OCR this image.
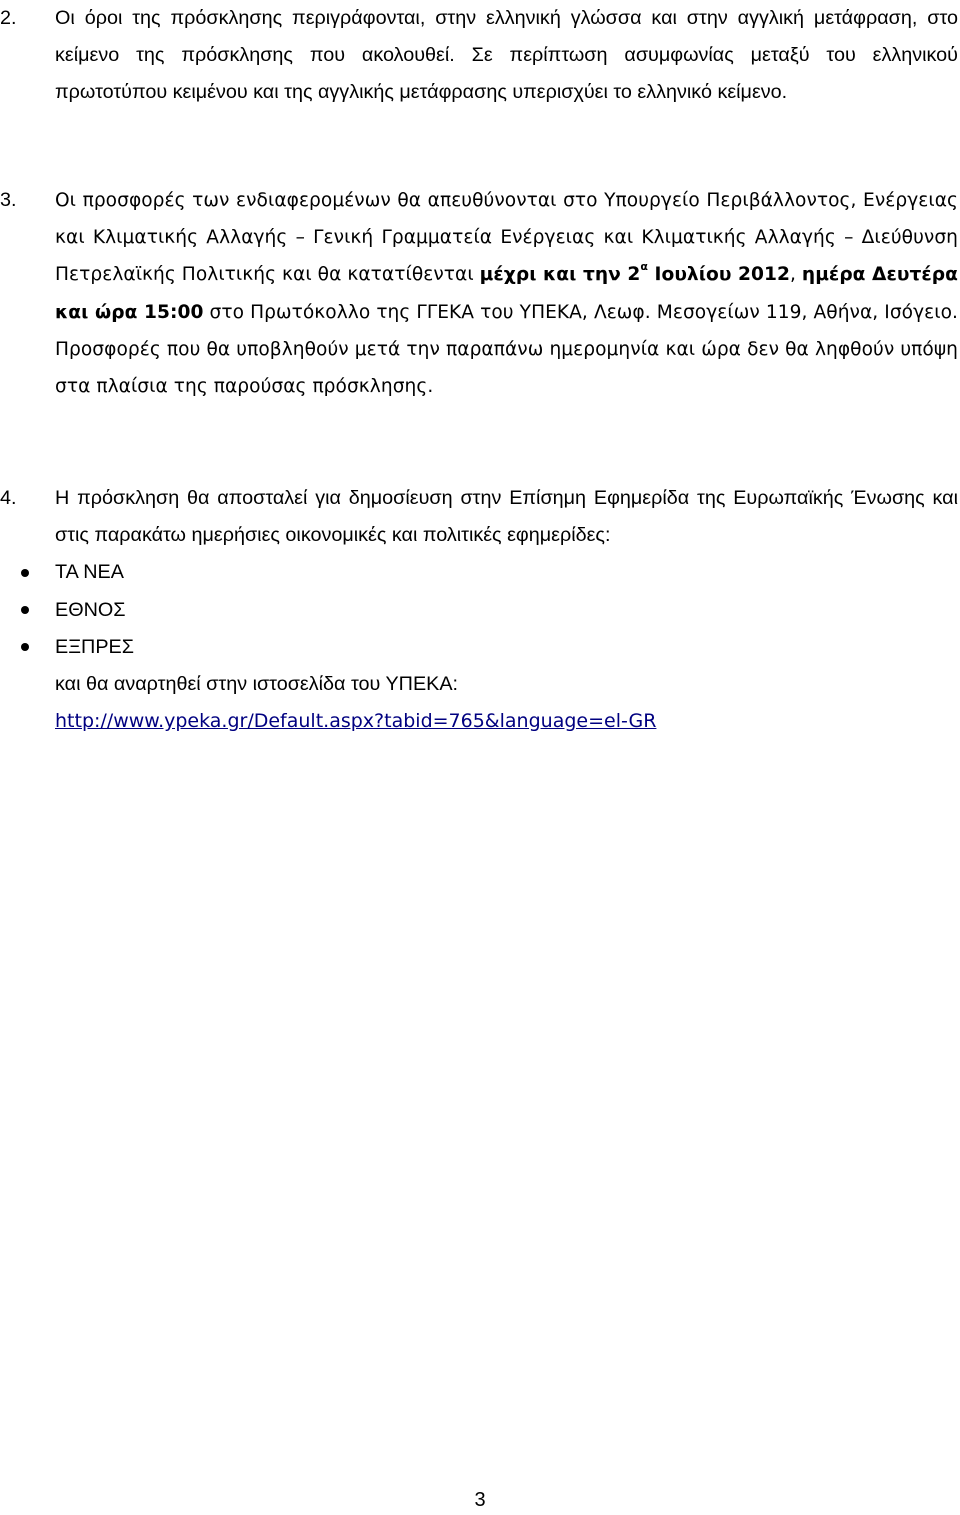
2. Οι όροι της πρόσκλησης περιγράφονται, στην ελληνική γλώσσα και στην αγγλική μετάφραση, στο κείμενο της πρόσκλησης που ακολουθεί. Σε περίπτωση ασυμφωνίας μεταξύ του ελληνικού πρωτοτύπου κειμένου και της αγγλικής μετάφρασης υπερισχύει το ελληνικό κείμενο.
3. Οι προσφορές των ενδιαφερομένων θα απευθύνονται στο Υπουργείο Περιβάλλοντος, Ενέργειας και Κλιματικής Αλλαγής – Γενική Γραμματεία Ενέργειας και Κλιματικής Αλλαγής – Διεύθυνση Πετρελαϊκής Πολιτικής και θα κατατίθενται μέχρι και την $2^\alpha$ Ιουλίου 2012, ημέρα Δευτέρα και ώρα 15:00 στο Πρωτόκολλο της ΓΓΕΚΑ του ΥΠΕΚΑ, Λεωφ. Μεσογείων 119, Αθήνα, Ισόγειο. Προσφορές που θα υποβληθούν μετά την παραπάνω ημερομηνία και ώρα δεν θα ληφθούν υπόψη στα πλαίσια της παρούσας πρόσκλησης.
4. Η πρόσκληση θα αποσταλεί για δημοσίευση στην Επίσημη Εφημερίδα της Ευρωπαϊκής Ένωσης και στις παρακάτω ημερήσιες οικονομικές και πολιτικές εφημερίδες:
ΤΑ ΝΕΑ
ΕΘΝΟΣ
ΕΞΠΡΕΣ
και θα αναρτηθεί στην ιστοσελίδα του ΥΠΕΚΑ:
http://www.ypeka.gr/Default.aspx?tabid=765&language=el-GR
3
